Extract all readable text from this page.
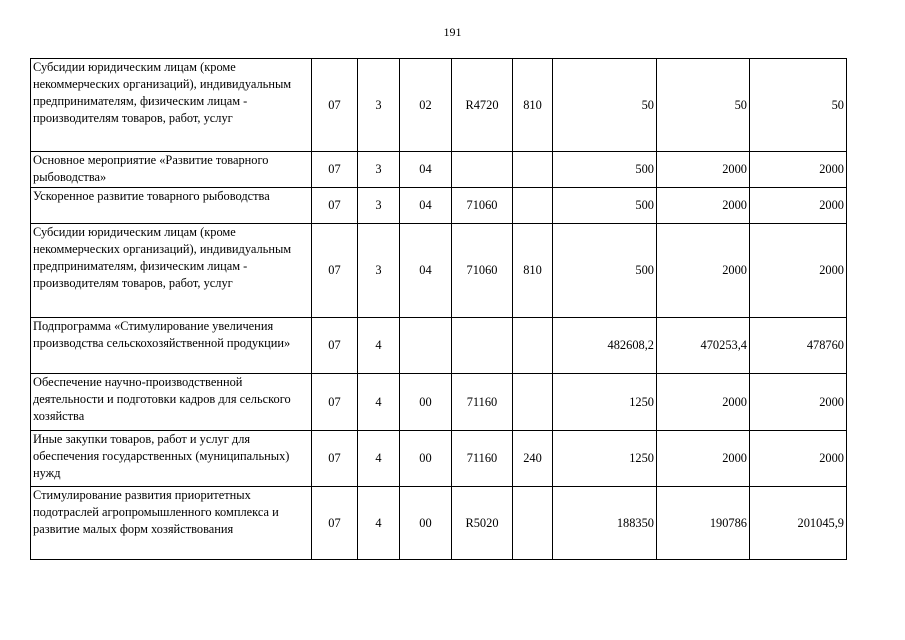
191
Субсидии юридическим лицам (кроме некоммерческих организаций), индивидуальным предпринимателям, физическим лицам - производителям товаров, работ, услуг	07	3	02	R4720	810	50	50	50
Основное мероприятие «Развитие товарного рыбоводства»	07	3	04			500	2000	2000
Ускоренное развитие товарного рыбоводства	07	3	04	71060		500	2000	2000
Субсидии юридическим лицам (кроме некоммерческих организаций), индивидуальным предпринимателям, физическим лицам - производителям товаров, работ, услуг	07	3	04	71060	810	500	2000	2000
Подпрограмма «Стимулирование увеличения производства сельскохозяйственной продукции»	07	4				482608,2	470253,4	478760
Обеспечение научно-производственной деятельности и подготовки кадров для сельского хозяйства	07	4	00	71160		1250	2000	2000
Иные закупки товаров, работ и услуг для обеспечения государственных (муниципальных) нужд	07	4	00	71160	240	1250	2000	2000
Стимулирование развития приоритетных подотраслей агропромышленного комплекса и развитие малых форм хозяйствования	07	4	00	R5020		188350	190786	201045,9
